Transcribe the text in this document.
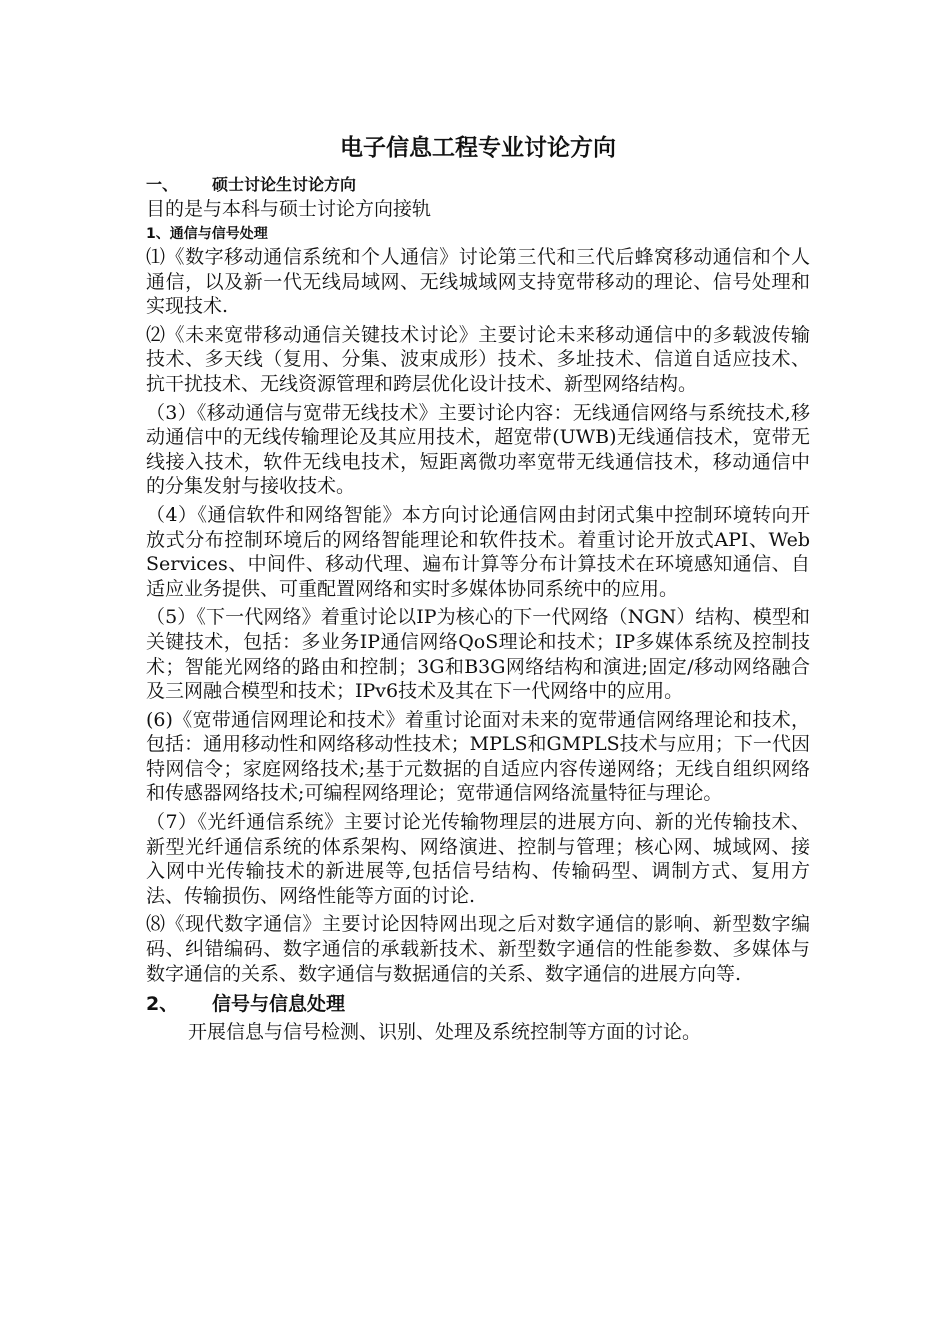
电子信息工程专业讨论方向
一、	硕士讨论生讨论方向
目的是与本科与硕士讨论方向接轨
1、通信与信号处理

⑴《数字移动通信系统和个人通信》讨论第三代和三代后蜂窝移动通信和个人通信，以及新一代无线局域网、无线城域网支持宽带移动的理论、信号处理和实现技术.

⑵《未来宽带移动通信关键技术讨论》主要讨论未来移动通信中的多载波传输技术、多天线（复用、分集、波束成形）技术、多址技术、信道自适应技术、抗干扰技术、无线资源管理和跨层优化设计技术、新型网络结构。

（3）《移动通信与宽带无线技术》主要讨论内容：无线通信网络与系统技术,移动通信中的无线传输理论及其应用技术，超宽带(UWB)无线通信技术，宽带无线接入技术，软件无线电技术，短距离微功率宽带无线通信技术，移动通信中的分集发射与接收技术。

（4）《通信软件和网络智能》本方向讨论通信网由封闭式集中控制环境转向开放式分布控制环境后的网络智能理论和软件技术。着重讨论开放式API、Web Services、中间件、移动代理、遍布计算等分布计算技术在环境感知通信、自适应业务提供、可重配置网络和实时多媒体协同系统中的应用。

（5）《下一代网络》着重讨论以IP为核心的下一代网络（NGN）结构、模型和关键技术，包括：多业务IP通信网络QoS理论和技术；IP多媒体系统及控制技术；智能光网络的路由和控制；3G和B3G网络结构和演进;固定/移动网络融合及三网融合模型和技术；IPv6技术及其在下一代网络中的应用。

(6)《宽带通信网理论和技术》着重讨论面对未来的宽带通信网络理论和技术，包括：通用移动性和网络移动性技术；MPLS和GMPLS技术与应用；下一代因特网信令；家庭网络技术;基于元数据的自适应内容传递网络；无线自组织网络和传感器网络技术;可编程网络理论；宽带通信网络流量特征与理论。

（7）《光纤通信系统》主要讨论光传输物理层的进展方向、新的光传输技术、新型光纤通信系统的体系架构、网络演进、控制与管理；核心网、城域网、接入网中光传输技术的新进展等,包括信号结构、传输码型、调制方式、复用方法、传输损伤、网络性能等方面的讨论.

⑻《现代数字通信》主要讨论因特网出现之后对数字通信的影响、新型数字编码、纠错编码、数字通信的承载新技术、新型数字通信的性能参数、多媒体与数字通信的关系、数字通信与数据通信的关系、数字通信的进展方向等.

2、	信号与信息处理
开展信息与信号检测、识别、处理及系统控制等方面的讨论。
